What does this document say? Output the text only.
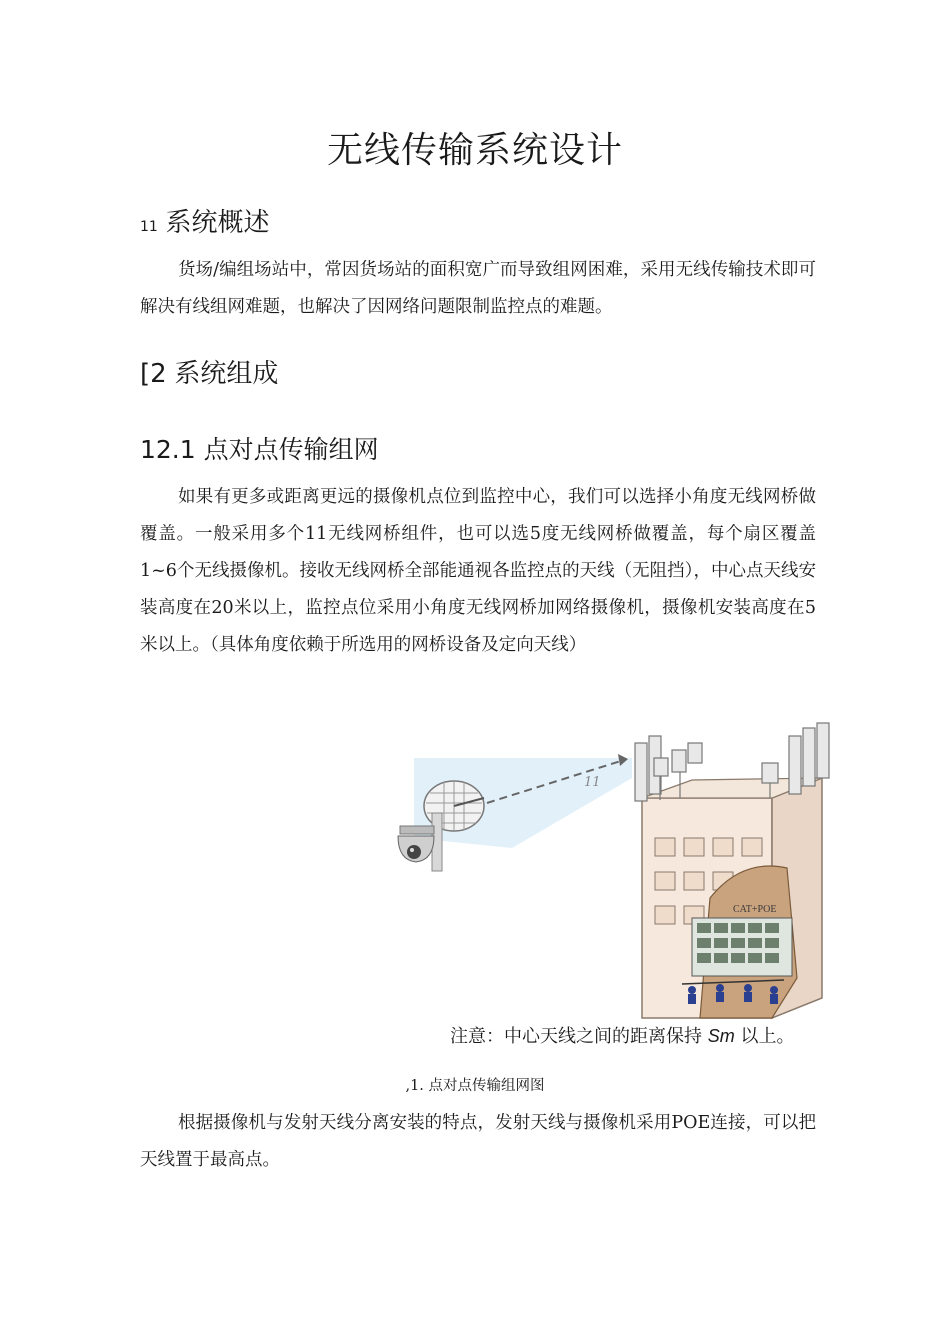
无线传输系统设计
11 系统概述

货场/编组场站中，常因货场站的面积宽广而导致组网困难，采用无线传输技术即可解决有线组网难题，也解决了因网络问题限制监控点的难题。

[2 系统组成
12.1 点对点传输组网

如果有更多或距离更远的摄像机点位到监控中心，我们可以选择小角度无线网桥做覆盖。一般采用多个11无线网桥组件，也可以选5度无线网桥做覆盖，每个扇区覆盖1~6个无线摄像机。接收无线网桥全部能通视各监控点的天线（无阻挡），中心点天线安装高度在20米以上，监控点位采用小角度无线网桥加网络摄像机，摄像机安装高度在5米以上。（具体角度依赖于所选用的网桥设备及定向天线）

11
CAT+POE

注意：中心天线之间的距离保持 Sm 以上。

,1. 点对点传输组网图

根据摄像机与发射天线分离安装的特点，发射天线与摄像机采用POE连接，可以把天线置于最高点。
